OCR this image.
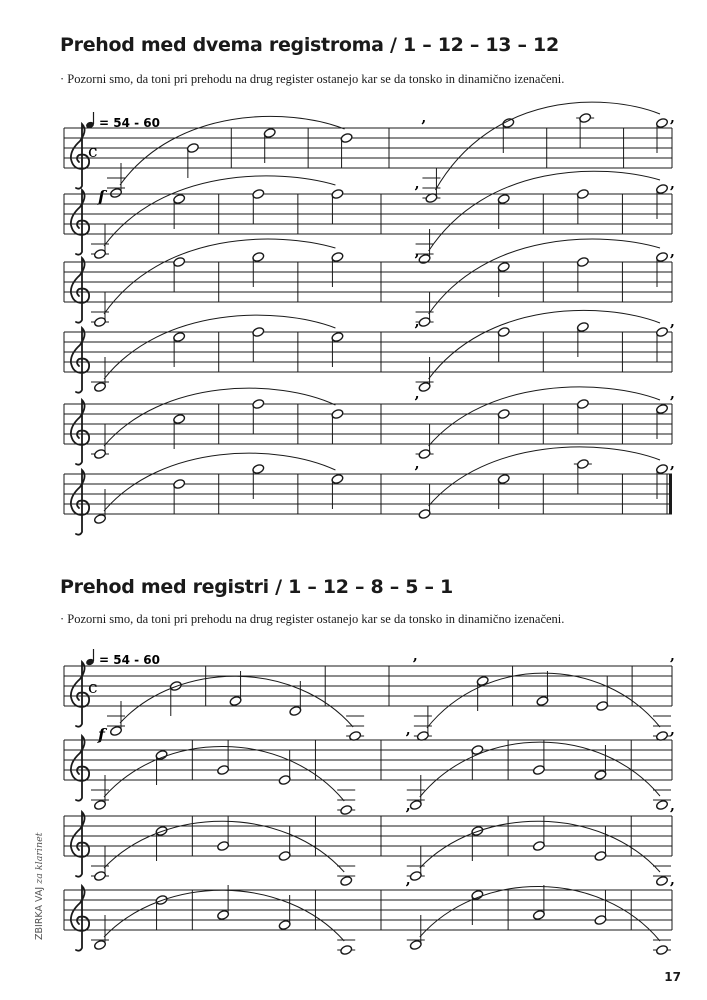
Prehod med dvema registroma / 1 – 12 – 13 – 12

· Pozorni smo, da toni pri prehodu na drug register ostanejo kar se da tonsko in dinamično izenačeni.

Prehod med registri / 1 – 12 – 8 – 5 – 1

· Pozorni smo, da toni pri prehodu na drug register ostanejo kar se da tonsko in dinamično izenačeni.

= 54 - 60
= 54 - 60
f
f
c
c
,	,
,	,
,	,
,	,
,	,
,	,
,	,
,	,
,	,
,	,
17
ZBIRKA VAJ za klarinet
